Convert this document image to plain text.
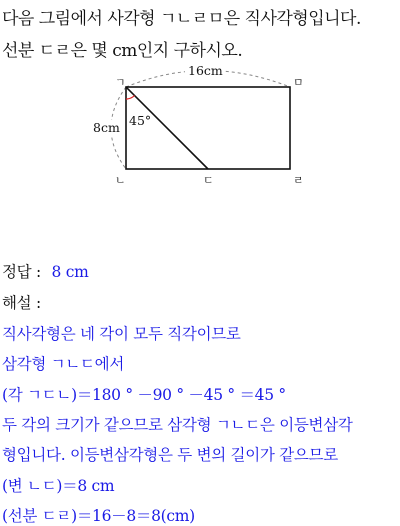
다음 그림에서 사각형 ㄱㄴㄹㅁ은 직사각형입니다.
선분 ㄷㄹ은 몇 cm인지 구하시오.
ㄱ	ㅁ
ㄴ	ㄷ	ㄹ
16cm
8cm 45°
정답 : 8 cm
해설 :
직사각형은 네 각이 모두 직각이므로
삼각형 ㄱㄴㄷ에서
(각 ㄱㄷㄴ)＝180 ° －90 ° －45 ° ＝45 °
두 각의 크기가 같으므로 삼각형 ㄱㄴㄷ은 이등변삼각
형입니다. 이등변삼각형은 두 변의 길이가 같으므로
(변 ㄴㄷ)＝8 cm
(선분 ㄷㄹ)＝16－8＝8(cm)
